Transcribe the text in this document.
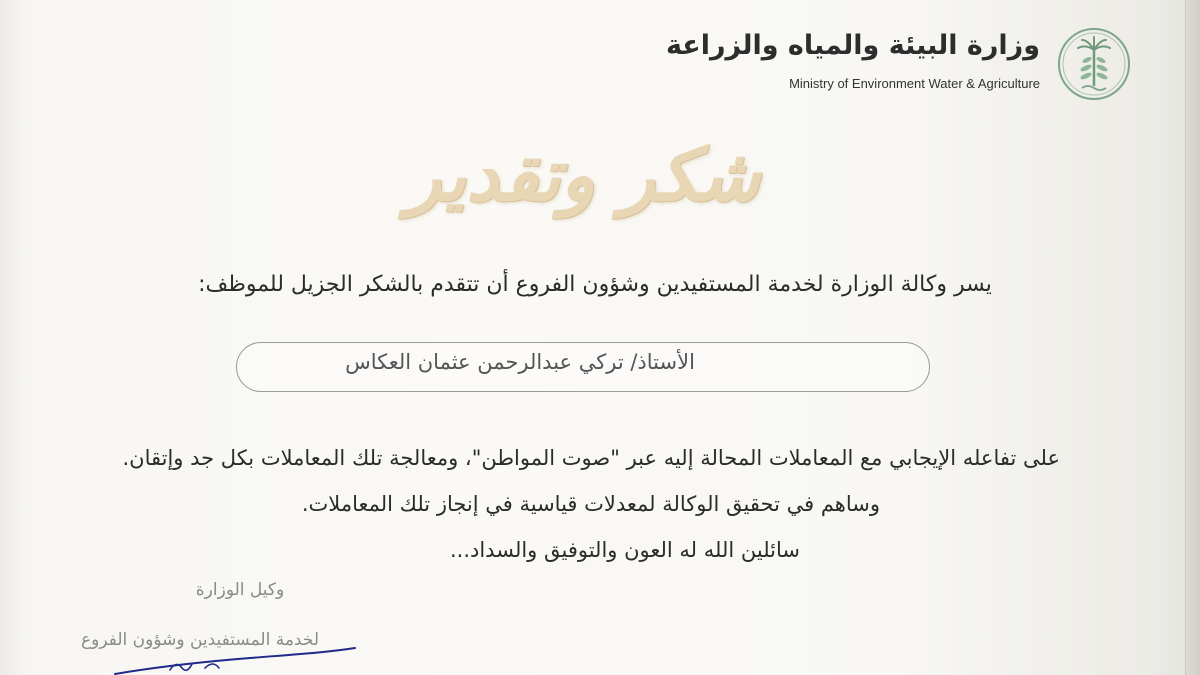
وزارة البيئة والمياه والزراعة
Ministry of Environment Water & Agriculture
شكر وتقدير
يسر وكالة الوزارة لخدمة المستفيدين وشؤون الفروع أن تتقدم بالشكر الجزيل للموظف:
الأستاذ/ تركي عبدالرحمن عثمان العكاس
على تفاعله الإيجابي مع المعاملات المحالة إليه عبر "صوت المواطن"، ومعالجة تلك المعاملات بكل جد وإتقان.
وساهم في تحقيق الوكالة لمعدلات قياسية في إنجاز تلك المعاملات.
سائلين الله له العون والتوفيق والسداد...
وكيل الوزارة
لخدمة المستفيدين وشؤون الفروع
